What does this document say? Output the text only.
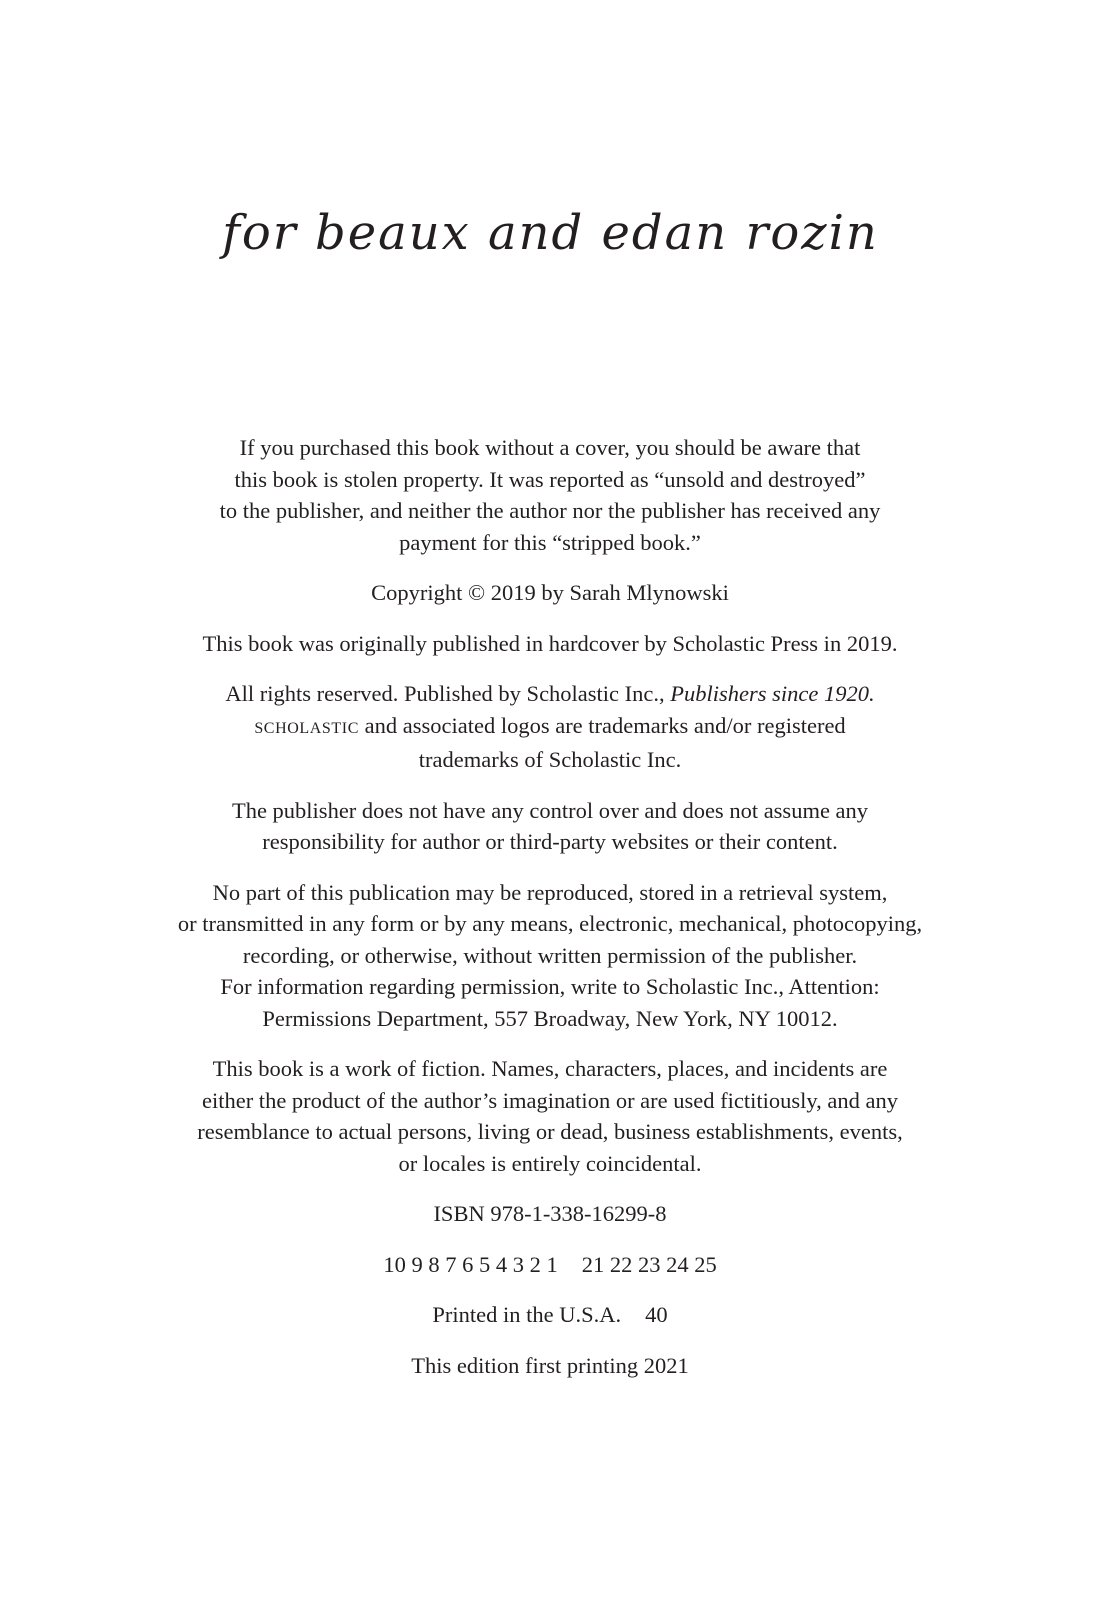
for beaux and edan rozin

If you purchased this book without a cover, you should be aware that
this book is stolen property. It was reported as “unsold and destroyed”
to the publisher, and neither the author nor the publisher has received any
payment for this “stripped book.”

Copyright © 2019 by Sarah Mlynowski

This book was originally published in hardcover by Scholastic Press in 2019.

All rights reserved. Published by Scholastic Inc., Publishers since 1920.
SCHOLASTIC and associated logos are trademarks and/or registered
trademarks of Scholastic Inc.

The publisher does not have any control over and does not assume any
responsibility for author or third-party websites or their content.

No part of this publication may be reproduced, stored in a retrieval system,
or transmitted in any form or by any means, electronic, mechanical, photocopying,
recording, or otherwise, without written permission of the publisher.
For information regarding permission, write to Scholastic Inc., Attention:
Permissions Department, 557 Broadway, New York, NY 10012.

This book is a work of fiction. Names, characters, places, and incidents are
either the product of the author’s imagination or are used fictitiously, and any
resemblance to actual persons, living or dead, business establishments, events,
or locales is entirely coincidental.

ISBN 978-1-338-16299-8

10 9 8 7 6 5 4 3 2 1 21 22 23 24 25

Printed in the U.S.A. 40

This edition first printing 2021
